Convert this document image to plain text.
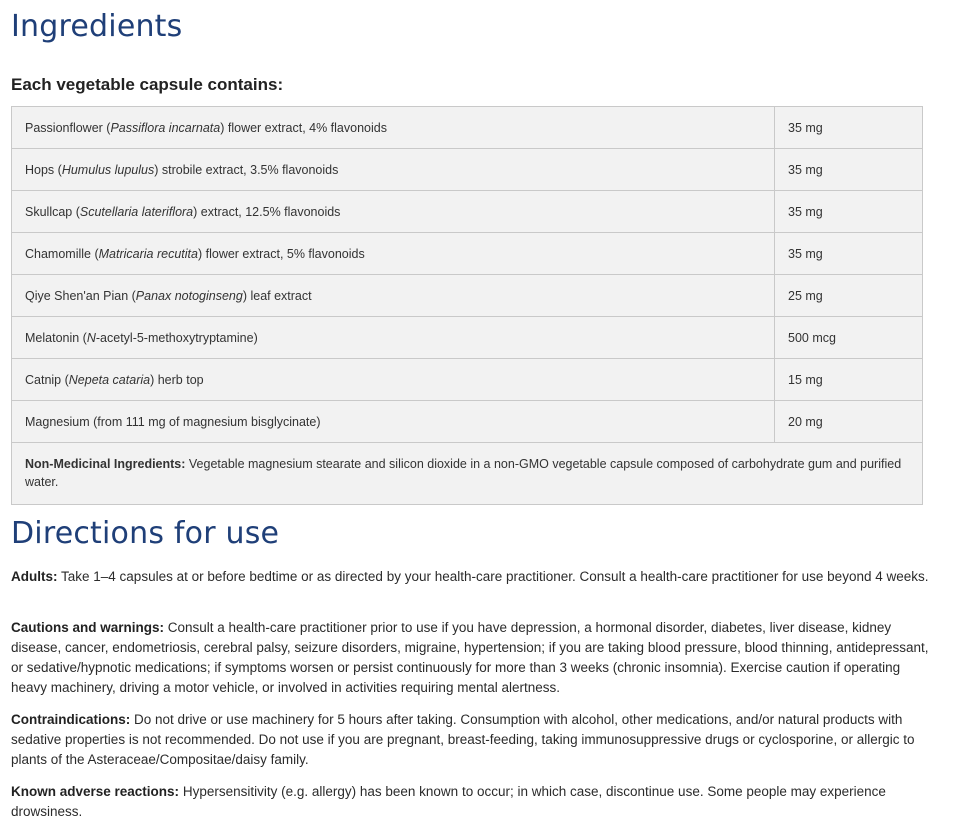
Ingredients
Each vegetable capsule contains:
Passionflower (Passiflora incarnata) flower extract, 4% flavonoids	35 mg
Hops (Humulus lupulus) strobile extract, 3.5% flavonoids	35 mg
Skullcap (Scutellaria lateriflora) extract, 12.5% flavonoids	35 mg
Chamomille (Matricaria recutita) flower extract, 5% flavonoids	35 mg
Qiye Shen'an Pian (Panax notoginseng) leaf extract	25 mg
Melatonin (N-acetyl-5-methoxytryptamine)	500 mcg
Catnip (Nepeta cataria) herb top	15 mg
Magnesium (from 111 mg of magnesium bisglycinate)	20 mg
Non-Medicinal Ingredients: Vegetable magnesium stearate and silicon dioxide in a non-GMO vegetable capsule composed of carbohydrate gum and purified water.	
Directions for use

Adults: Take 1–4 capsules at or before bedtime or as directed by your health-care practitioner. Consult a health-care practitioner for use beyond 4 weeks.

Cautions and warnings: Consult a health-care practitioner prior to use if you have depression, a hormonal disorder, diabetes, liver disease, kidney disease, cancer, endometriosis, cerebral palsy, seizure disorders, migraine, hypertension; if you are taking blood pressure, blood thinning, antidepressant, or sedative/hypnotic medications; if symptoms worsen or persist continuously for more than 3 weeks (chronic insomnia). Exercise caution if operating heavy machinery, driving a motor vehicle, or involved in activities requiring mental alertness.

Contraindications: Do not drive or use machinery for 5 hours after taking. Consumption with alcohol, other medications, and/or natural products with sedative properties is not recommended. Do not use if you are pregnant, breast-feeding, taking immunosuppressive drugs or cyclosporine, or allergic to plants of the Asteraceae/Compositae/daisy family.

Known adverse reactions: Hypersensitivity (e.g. allergy) has been known to occur; in which case, discontinue use. Some people may experience drowsiness.
